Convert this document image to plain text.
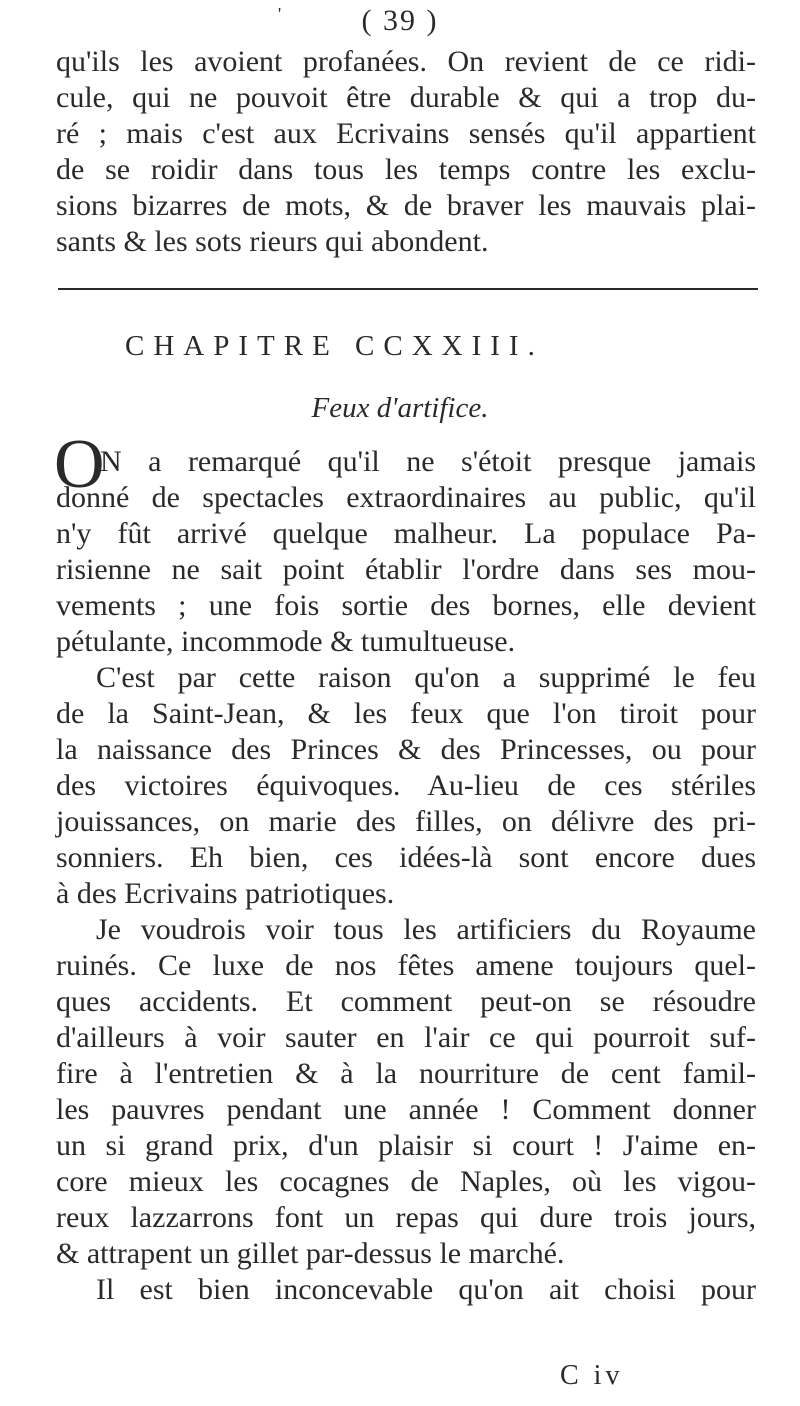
'	( 39 )
qu'ils les avoient profanées. On revient de ce ridi-
cule, qui ne pouvoit être durable & qui a trop du-
ré ; mais c'est aux Ecrivains sensés qu'il appartient
de se roidir dans tous les temps contre les exclu-
sions bizarres de mots, & de braver les mauvais plai-
sants & les sots rieurs qui abondent.
CHAPITRE CCXXIII.
Feux d'artifice.
O
N a remarqué qu'il ne s'étoit presque jamais
donné de spectacles extraordinaires au public, qu'il
n'y fût arrivé quelque malheur. La populace Pa-
risienne ne sait point établir l'ordre dans ses mou-
vements ; une fois sortie des bornes, elle devient
pétulante, incommode & tumultueuse.
C'est par cette raison qu'on a supprimé le feu
de la Saint-Jean, & les feux que l'on tiroit pour
la naissance des Princes & des Princesses, ou pour
des victoires équivoques. Au-lieu de ces stériles
jouissances, on marie des filles, on délivre des pri-
sonniers. Eh bien, ces idées-là sont encore dues
à des Ecrivains patriotiques.
Je voudrois voir tous les artificiers du Royaume
ruinés. Ce luxe de nos fêtes amene toujours quel-
ques accidents. Et comment peut-on se résoudre
d'ailleurs à voir sauter en l'air ce qui pourroit suf-
fire à l'entretien & à la nourriture de cent famil-
les pauvres pendant une année ! Comment donner
un si grand prix, d'un plaisir si court ! J'aime en-
core mieux les cocagnes de Naples, où les vigou-
reux lazzarrons font un repas qui dure trois jours,
& attrapent un gillet par-dessus le marché.
Il est bien inconcevable qu'on ait choisi pour
C iv
